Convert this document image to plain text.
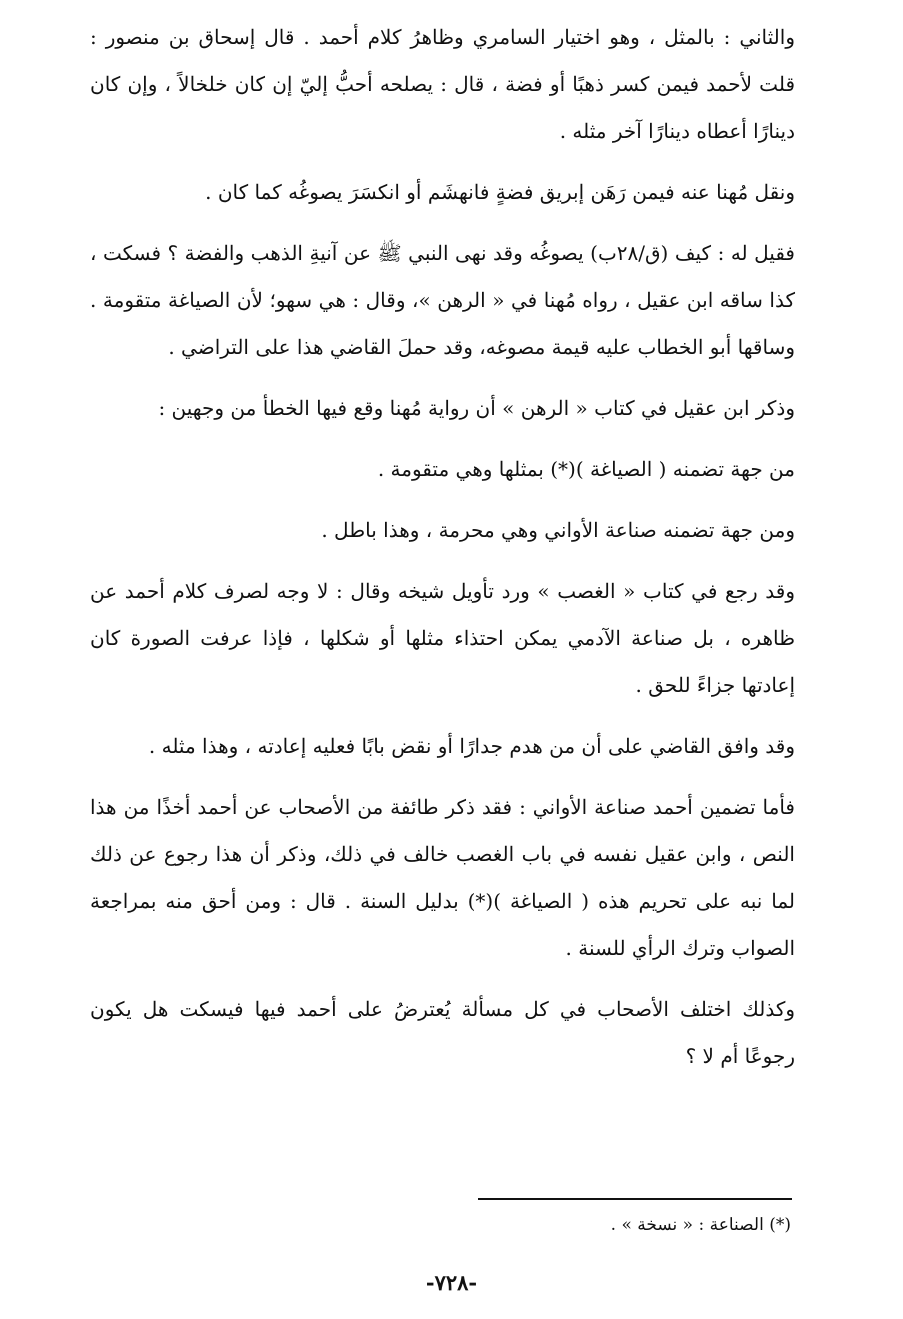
والثاني : بالمثل ، وهو اختيار السامري وظاهرُ كلام أحمد . قال إسحاق بن منصور : قلت لأحمد فيمن كسر ذهبًا أو فضة ، قال : يصلحه أحبُّ إليّ إن كان خلخالاً ، وإن كان دينارًا أعطاه دينارًا آخر مثله .

ونقل مُهنا عنه فيمن رَهَن إبريق فضةٍ فانهشَم أو انكسَرَ يصوغُه كما كان .

فقيل له : كيف (ق/٢٨ب) يصوغُه وقد نهى النبي ﷺ عن آنيةِ الذهب والفضة ؟ فسكت ، كذا ساقه ابن عقيل ، رواه مُهنا في « الرهن »، وقال : هي سهو؛ لأن الصياغة متقومة . وساقها أبو الخطاب عليه قيمة مصوغه، وقد حملَ القاضي هذا على التراضي .

وذكر ابن عقيل في كتاب « الرهن » أن رواية مُهنا وقع فيها الخطأ من وجهين :

من جهة تضمنه ( الصياغة )(*) بمثلها وهي متقومة .

ومن جهة تضمنه صناعة الأواني وهي محرمة ، وهذا باطل .

وقد رجع في كتاب « الغصب » ورد تأويل شيخه وقال : لا وجه لصرف كلام أحمد عن ظاهره ، بل صناعة الآدمي يمكن احتذاء مثلها أو شكلها ، فإذا عرفت الصورة كان إعادتها جزاءً للحق .

وقد وافق القاضي على أن من هدم جدارًا أو نقض بابًا فعليه إعادته ، وهذا مثله .

فأما تضمين أحمد صناعة الأواني : فقد ذكر طائفة من الأصحاب عن أحمد أخذًا من هذا النص ، وابن عقيل نفسه في باب الغصب خالف في ذلك، وذكر أن هذا رجوع عن ذلك لما نبه على تحريم هذه ( الصياغة )(*) بدليل السنة . قال : ومن أحق منه بمراجعة الصواب وترك الرأي للسنة .

وكذلك اختلف الأصحاب في كل مسألة يُعترضُ على أحمد فيها فيسكت هل يكون رجوعًا أم لا ؟

(*) الصناعة : « نسخة » .
-٧٢٨-
